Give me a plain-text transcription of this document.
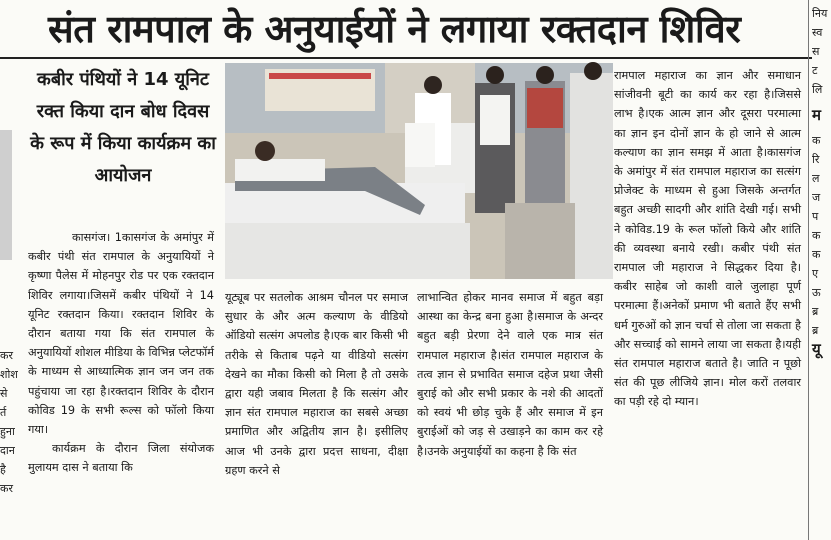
संत रामपाल के अनुयाईयों ने लगाया रक्तदान शिविर
कर
शोश
से
र्त
हुना
दान
है
कर
कबीर पंथियों ने 14 यूनिट रक्त किया दान बोध दिवस के रूप में किया कार्यक्रम का आयोजन

कासगंज। 1कासगंज के अमांपुर में कबीर पंथी संत रामपाल के अनुयायियों ने कृष्णा पैलेस में मोहनपुर रोड पर एक रक्तदान शिविर लगाया।जिसमें कबीर पंथियों ने 14 यूनिट रक्तदान किया। रक्तदान शिविर के दौरान बताया गया कि संत रामपाल के अनुयायियों शोशल मीडिया के विभिन्न प्लेटफॉर्म के माध्यम से आध्यात्मिक ज्ञान जन जन तक पहुंचाया जा रहा है।रक्तदान शिविर के दौरान कोविड 19 के सभी रूल्स को फॉलो किया गया।

कार्यक्रम के दौरान जिला संयोजक मुलायम दास ने बताया कि

यूट्यूब पर सतलोक आश्रम चौनल पर समाज सुधार के और अत्म कल्याण के वीडियो ऑडियो सत्संग अपलोड है।एक बार किसी भी तरीके से किताब पढ़ने या वीडियो सत्संग देखने का मौका किसी को मिला है तो उसके द्वारा यही जबाव मिलता है कि सत्संग और ज्ञान संत रामपाल महाराज का सबसे अच्छा प्रमाणित और अद्वितीय ज्ञान है। इसीलिए आज भी उनके द्वारा प्रदत्त साधना, दीक्षा ग्रहण करने से

लाभान्वित होकर मानव समाज में बहुत बड़ा आस्था का केन्द्र बना हुआ है।समाज के अन्दर बहुत बड़ी प्रेरणा देने वाले एक मात्र संत रामपाल महाराज है।संत रामपाल महाराज के तत्व ज्ञान से प्रभावित समाज दहेज प्रथा जैसी बुराई को और सभी प्रकार के नशे की आदतों को स्वयं भी छोड़ चुके हैं और समाज में इन बुराईओं को जड़ से उखाड़ने का काम कर रहे है।उनके अनुयाईयों का कहना है कि संत

रामपाल महाराज का ज्ञान और समाधान सांजीवनी बूटी का कार्य कर रहा है।जिससे लाभ है।एक आत्म ज्ञान और दूसरा परमात्मा का ज्ञान इन दोनों ज्ञान के हो जाने से आत्म कल्याण का ज्ञान समझ में आता है।कासगंज के अमांपुर में संत रामपाल महाराज का सत्संग प्रोजेक्ट के माध्यम से हुआ जिसके अन्तर्गत बहुत अच्छी सादगी और शांति देखी गई। सभी ने कोविड.19 के रूल फॉलो किये और शांति की व्यवस्था बनाये रखी। कबीर पंथी संत रामपाल जी महाराज ने सिद्धकर दिया है। कबीर साहेब जो काशी वाले जुलाहा पूर्ण परमात्मा हैं।अनेकों प्रमाण भी बताते हैंए सभी धर्म गुरुओं को ज्ञान चर्चा से तोला जा सकता है और सच्चाई को सामने लाया जा सकता है।यही संत रामपाल महाराज बताते है। जाति न पूछो संत की पूछ लीजिये ज्ञान। मोल करों तलवार का पड़ी रहे दो म्यान।

निय
स्व
स
ट
लि
म
क
रि
ल
ज
प
क
क
ए
ऊ
ब्र
ब्र
यू
